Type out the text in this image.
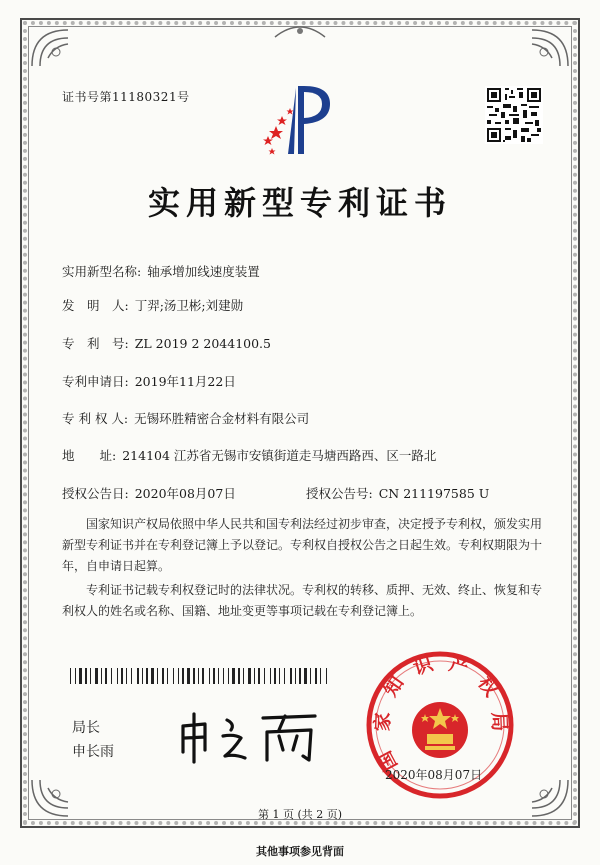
证书号第11180321号
实用新型专利证书
实用新型名称: 轴承增加线速度装置
发　明　人: 丁羿;汤卫彬;刘建勋
专　利　号: ZL 2019 2 2044100.5
专利申请日: 2019年11月22日
专 利 权 人: 无锡环胜精密合金材料有限公司
地　　址: 214104 江苏省无锡市安镇街道走马塘西路西、区一路北
授权公告日: 2020年08月07日	授权公告号: CN 211197585 U
国家知识产权局依照中华人民共和国专利法经过初步审查，决定授予专利权，颁发实用新型专利证书并在专利登记簿上予以登记。专利权自授权公告之日起生效。专利权期限为十年，自申请日起算。
专利证书记载专利权登记时的法律状况。专利权的转移、质押、无效、终止、恢复和专利权人的姓名或名称、国籍、地址变更等事项记载在专利登记簿上。
局长
申长雨	国
家
知
识 产
权
局
2020年08月07日
第 1 页 (共 2 页)
其他事项参见背面
